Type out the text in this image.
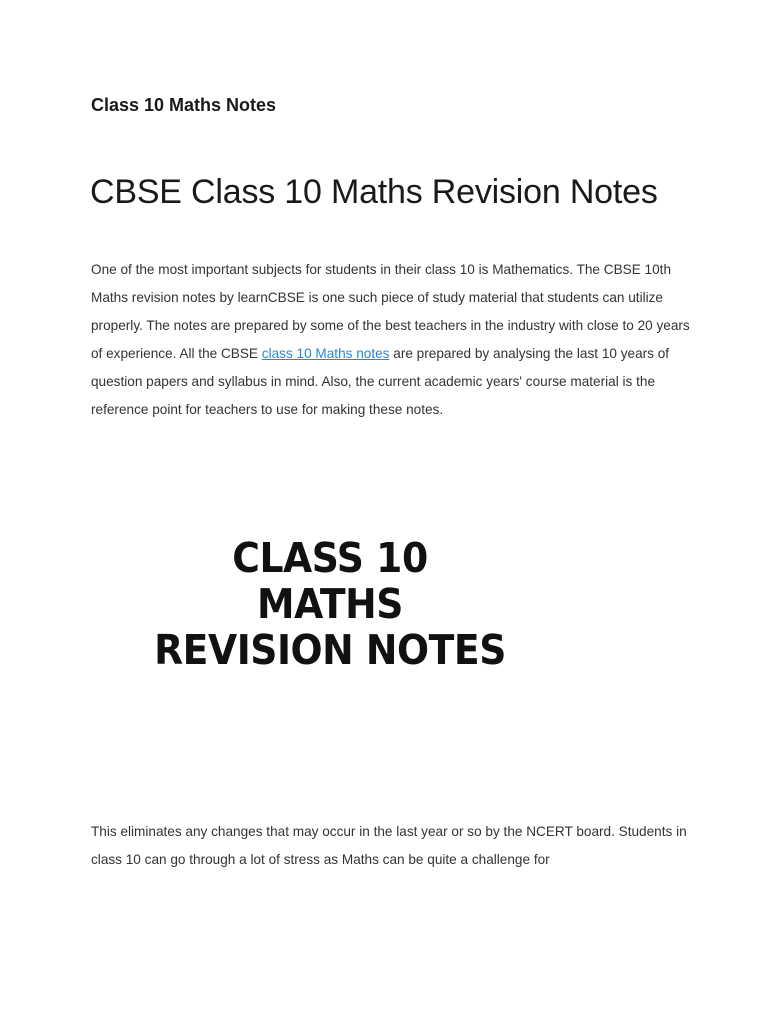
Class 10 Maths Notes
CBSE Class 10 Maths Revision Notes

One of the most important subjects for students in their class 10 is Mathematics. The CBSE 10th Maths revision notes by learnCBSE is one such piece of study material that students can utilize properly. The notes are prepared by some of the best teachers in the industry with close to 20 years of experience. All the CBSE class 10 Maths notes are prepared by analysing the last 10 years of question papers and syllabus in mind. Also, the current academic years' course material is the reference point for teachers to use for making these notes.

CLASS 10
MATHS
REVISION NOTES

This eliminates any changes that may occur in the last year or so by the NCERT board. Students in class 10 can go through a lot of stress as Maths can be quite a challenge for
